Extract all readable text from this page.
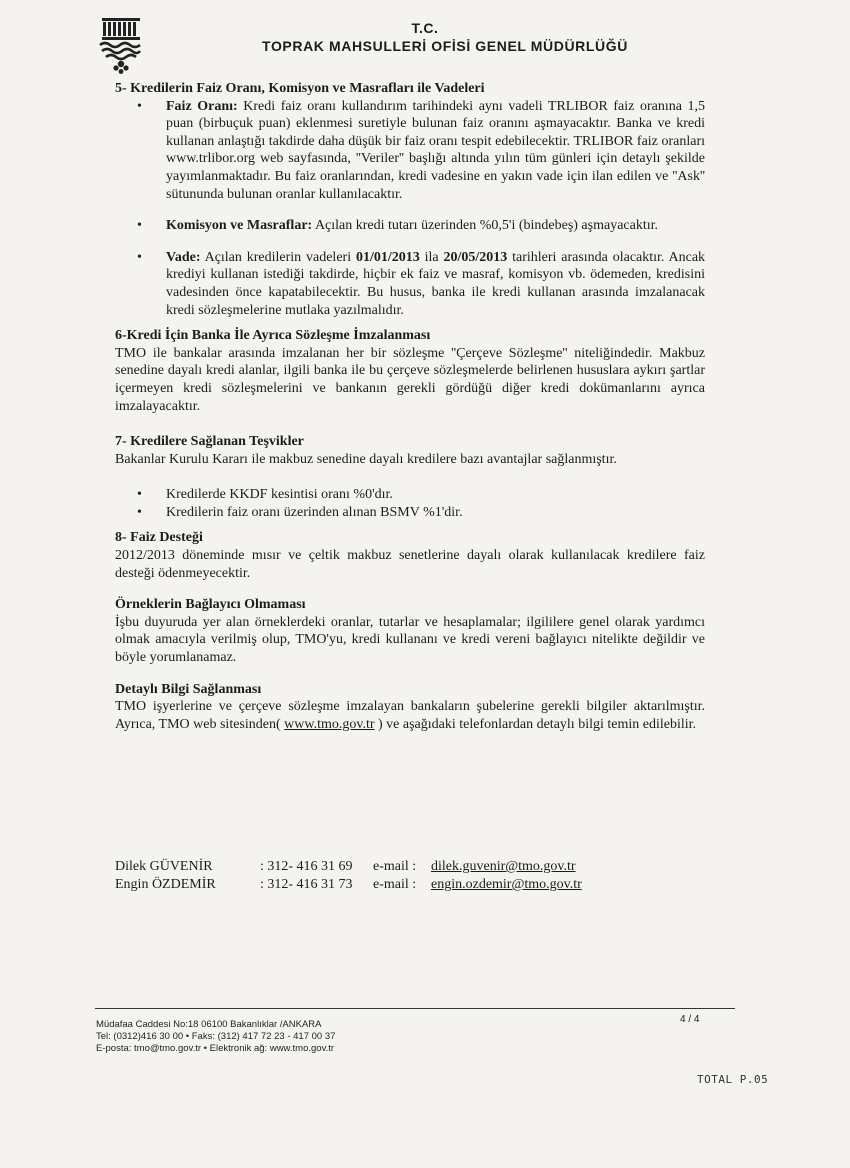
T.C.
TOPRAK MAHSULLERİ OFİSİ GENEL MÜDÜRLÜĞÜ

5- Kredilerin Faiz Oranı, Komisyon ve Masrafları ile Vadeleri

• Faiz Oranı: Kredi faiz oranı kullandırım tarihindeki aynı vadeli TRLIBOR faiz oranına 1,5 puan (birbuçuk puan) eklenmesi suretiyle bulunan faiz oranını aşmayacaktır. Banka ve kredi kullanan anlaştığı takdirde daha düşük bir faiz oranı tespit edebilecektir. TRLIBOR faiz oranları www.trlibor.org web sayfasında, ''Veriler'' başlığı altında yılın tüm günleri için detaylı şekilde yayımlanmaktadır. Bu faiz oranlarından, kredi vadesine en yakın vade için ilan edilen ve ''Ask'' sütununda bulunan oranlar kullanılacaktır.
• Komisyon ve Masraflar: Açılan kredi tutarı üzerinden %0,5'i (bindebeş) aşmayacaktır.
• Vade: Açılan kredilerin vadeleri 01/01/2013 ila 20/05/2013 tarihleri arasında olacaktır. Ancak krediyi kullanan istediği takdirde, hiçbir ek faiz ve masraf, komisyon vb. ödemeden, kredisini vadesinden önce kapatabilecektir. Bu husus, banka ile kredi kullanan arasında imzalanacak kredi sözleşmelerine mutlaka yazılmalıdır.

6-Kredi İçin Banka İle Ayrıca Sözleşme İmzalanması

TMO ile bankalar arasında imzalanan her bir sözleşme ''Çerçeve Sözleşme'' niteliğindedir. Makbuz senedine dayalı kredi alanlar, ilgili banka ile bu çerçeve sözleşmelerde belirlenen hususlara aykırı şartlar içermeyen kredi sözleşmelerini ve bankanın gerekli gördüğü diğer kredi dokümanlarını ayrıca imzalayacaktır.

7- Kredilere Sağlanan Teşvikler

Bakanlar Kurulu Kararı ile makbuz senedine dayalı kredilere bazı avantajlar sağlanmıştır.

• Kredilerde KKDF kesintisi oranı %0'dır.
• Kredilerin faiz oranı üzerinden alınan BSMV %1'dir.

8- Faiz Desteği

2012/2013 döneminde mısır ve çeltik makbuz senetlerine dayalı olarak kullanılacak kredilere faiz desteği ödenmeyecektir.

Örneklerin Bağlayıcı Olmaması

İşbu duyuruda yer alan örneklerdeki oranlar, tutarlar ve hesaplamalar; ilgililere genel olarak yardımcı olmak amacıyla verilmiş olup, TMO'yu, kredi kullananı ve kredi vereni bağlayıcı nitelikte değildir ve böyle yorumlanamaz.

Detaylı Bilgi Sağlanması

TMO işyerlerine ve çerçeve sözleşme imzalayan bankaların şubelerine gerekli bilgiler aktarılmıştır. Ayrıca, TMO web sitesinden( www.tmo.gov.tr ) ve aşağıdaki telefonlardan detaylı bilgi temin edilebilir.

Dilek GÜVENİR	: 312- 416 31 69	e-mail :	dilek.guvenir@tmo.gov.tr
Engin ÖZDEMİR	: 312- 416 31 73	e-mail :	engin.ozdemir@tmo.gov.tr
4 / 4
Müdafaa Caddesi No:18 06100 Bakanlıklar /ANKARA
Tel: (0312)416 30 00 • Faks: (312) 417 72 23 - 417 00 37
E-posta: tmo@tmo.gov.tr • Elektronik ağ: www.tmo.gov.tr
TOTAL P.05
